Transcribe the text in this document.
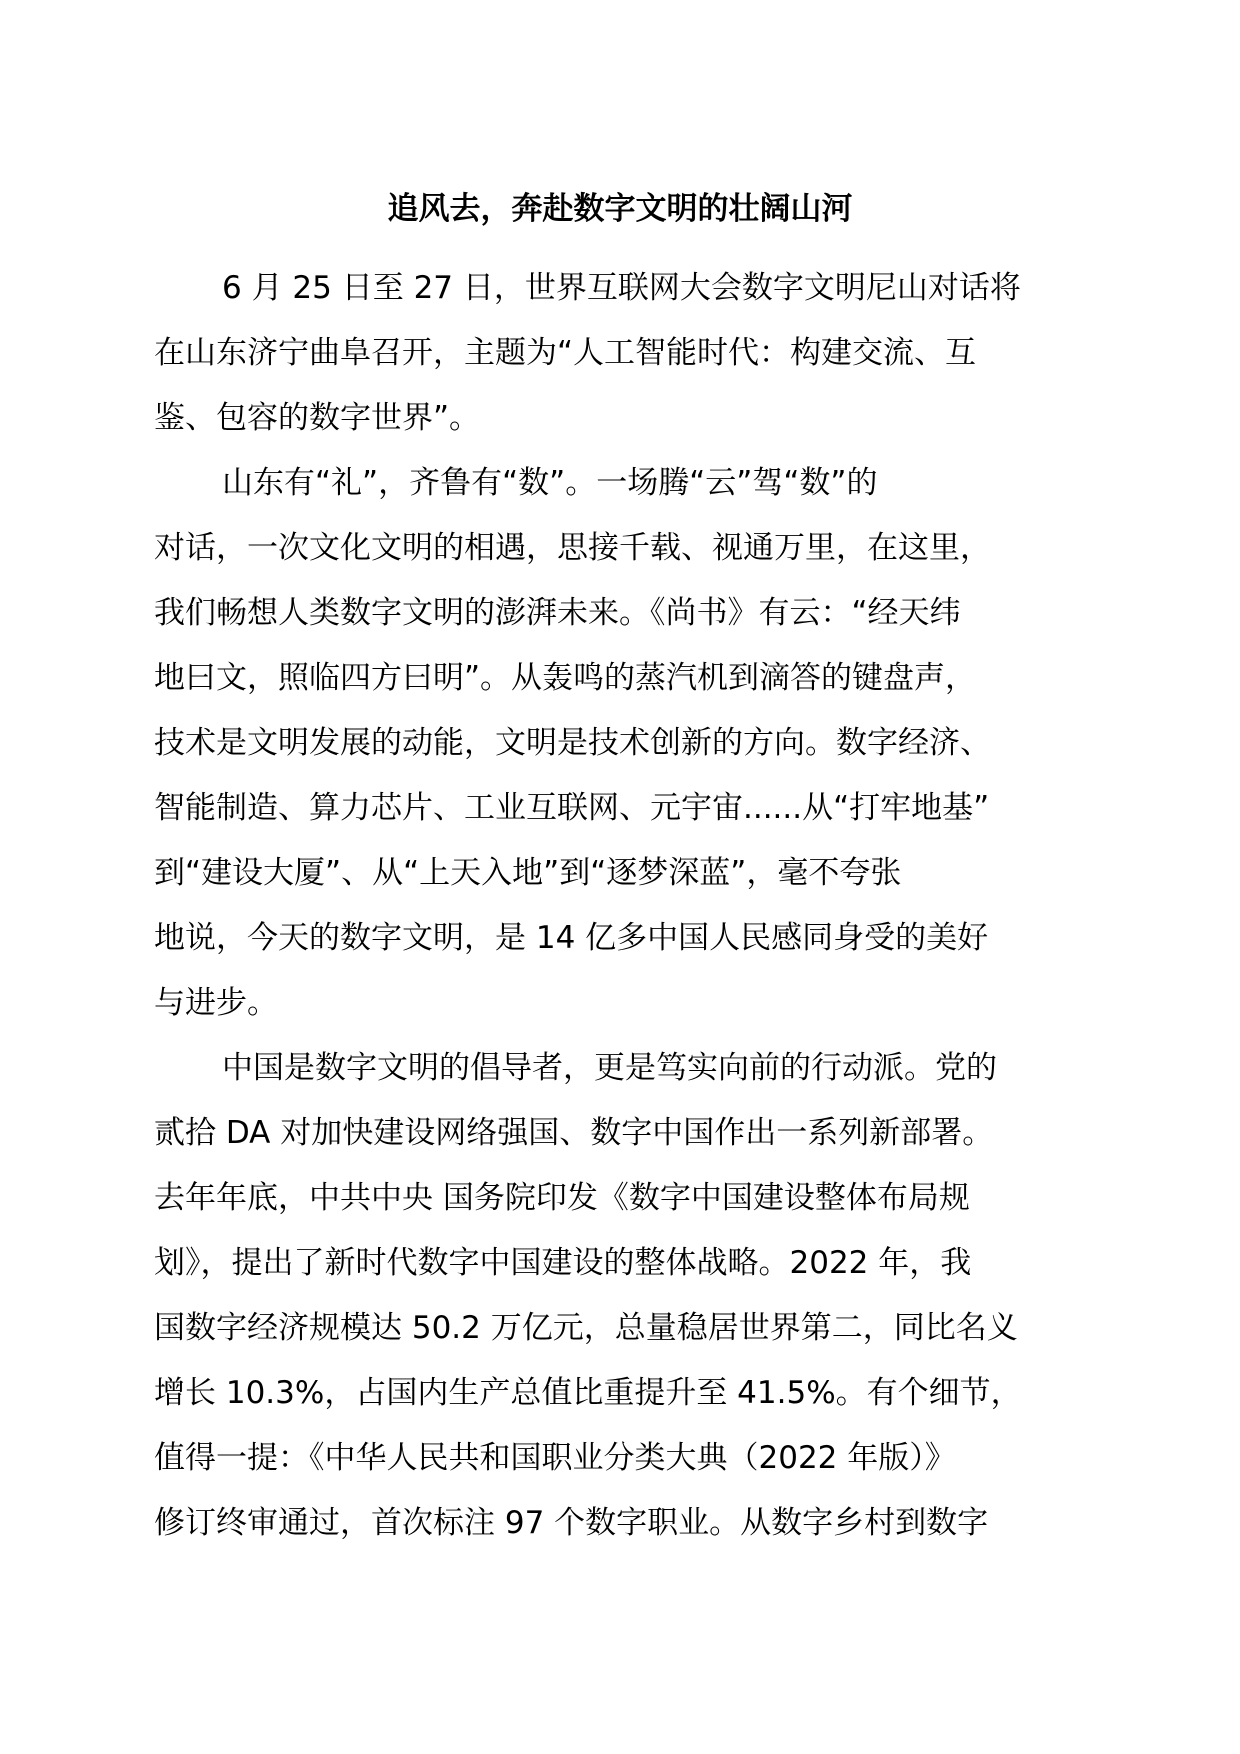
追风去，奔赴数字文明的壮阔山河

6 月 25 日至 27 日，世界互联网大会数字文明尼山对话将

在山东济宁曲阜召开，主题为“人工智能时代：构建交流、互

鉴、包容的数字世界”。

山东有“礼”，齐鲁有“数”。一场腾“云”驾“数”的

对话，一次文化文明的相遇，思接千载、视通万里，在这里，

我们畅想人类数字文明的澎湃未来。《尚书》有云：“经天纬

地曰文，照临四方曰明”。从轰鸣的蒸汽机到滴答的键盘声，

技术是文明发展的动能，文明是技术创新的方向。数字经济、

智能制造、算力芯片、工业互联网、元宇宙......从“打牢地基”

到“建设大厦”、从“上天入地”到“逐梦深蓝”，毫不夸张

地说，今天的数字文明，是 14 亿多中国人民感同身受的美好

与进步。

中国是数字文明的倡导者，更是笃实向前的行动派。党的

贰拾 DA 对加快建设网络强国、数字中国作出一系列新部署。

去年年底，中共中央 国务院印发《数字中国建设整体布局规

划》，提出了新时代数字中国建设的整体战略。2022 年，我

国数字经济规模达 50.2 万亿元，总量稳居世界第二，同比名义

增长 10.3%，占国内生产总值比重提升至 41.5%。有个细节，

值得一提：《中华人民共和国职业分类大典（2022 年版）》

修订终审通过，首次标注 97 个数字职业。从数字乡村到数字
